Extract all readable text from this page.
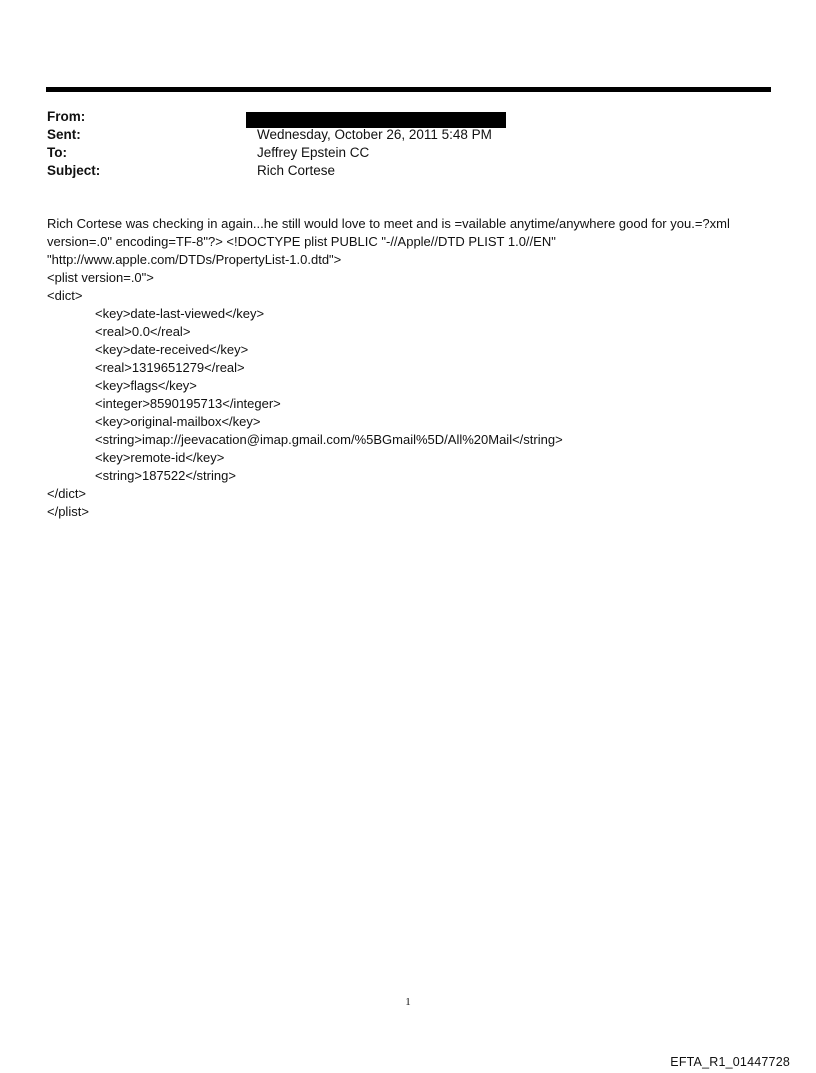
From:
Sent:	Wednesday, October 26, 2011 5:48 PM
To:	Jeffrey Epstein CC
Subject:	Rich Cortese
Rich Cortese was checking in again...he still would love to meet and is =vailable anytime/anywhere good for you.=?xml
version=.0" encoding=TF-8"?> <!DOCTYPE plist PUBLIC "-//Apple//DTD PLIST 1.0//EN"
"http://www.apple.com/DTDs/PropertyList-1.0.dtd">
<plist version=.0">
<dict>
<key>date-last-viewed</key>
<real>0.0</real>
<key>date-received</key>
<real>1319651279</real>
<key>flags</key>
<integer>8590195713</integer>
<key>original-mailbox</key>
<string>imap://jeevacation@imap.gmail.com/%5BGmail%5D/All%20Mail</string>
<key>remote-id</key>
<string>187522</string>
</dict>
</plist>
1
EFTA_R1_01447728
